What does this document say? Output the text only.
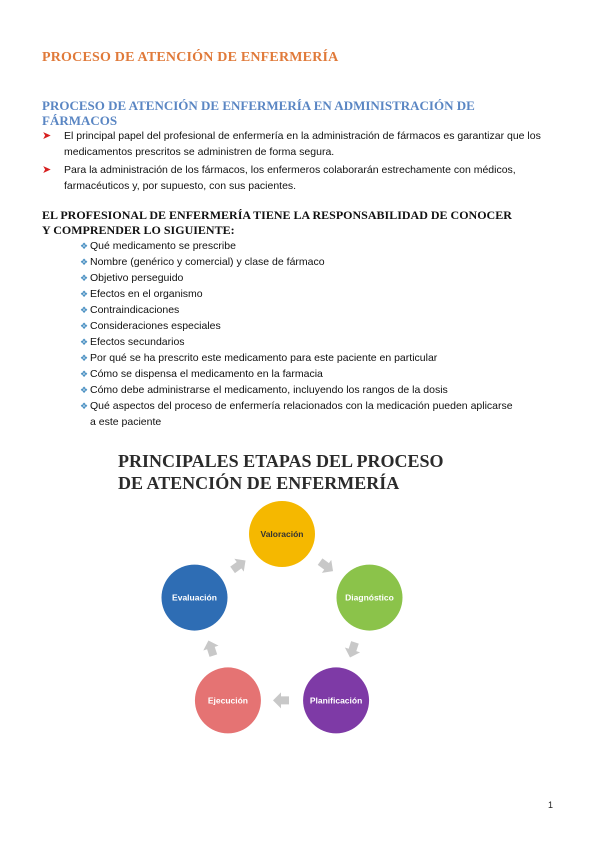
PROCESO DE ATENCIÓN DE ENFERMERÍA
PROCESO DE ATENCIÓN DE ENFERMERÍA EN ADMINISTRACIÓN DE FÁRMACOS
➤ El principal papel del profesional de enfermería en la administración de fármacos es garantizar que los medicamentos prescritos se administren de forma segura.
➤ Para la administración de los fármacos, los enfermeros colaborarán estrechamente con médicos, farmacéuticos y, por supuesto, con sus pacientes.
EL PROFESIONAL DE ENFERMERÍA TIENE LA RESPONSABILIDAD DE CONOCER Y COMPRENDER LO SIGUIENTE:
❖ Qué medicamento se prescribe
❖ Nombre (genérico y comercial) y clase de fármaco
❖ Objetivo perseguido
❖ Efectos en el organismo
❖ Contraindicaciones
❖ Consideraciones especiales
❖ Efectos secundarios
❖ Por qué se ha prescrito este medicamento para este paciente en particular
❖ Cómo se dispensa el medicamento en la farmacia
❖ Cómo debe administrarse el medicamento, incluyendo los rangos de la dosis
❖ Qué aspectos del proceso de enfermería relacionados con la medicación pueden aplicarse a este paciente
PRINCIPALES ETAPAS DEL PROCESO
DE ATENCIÓN DE ENFERMERÍA
Valoración
Diagnóstico
Planificación
Ejecución
Evaluación
1
